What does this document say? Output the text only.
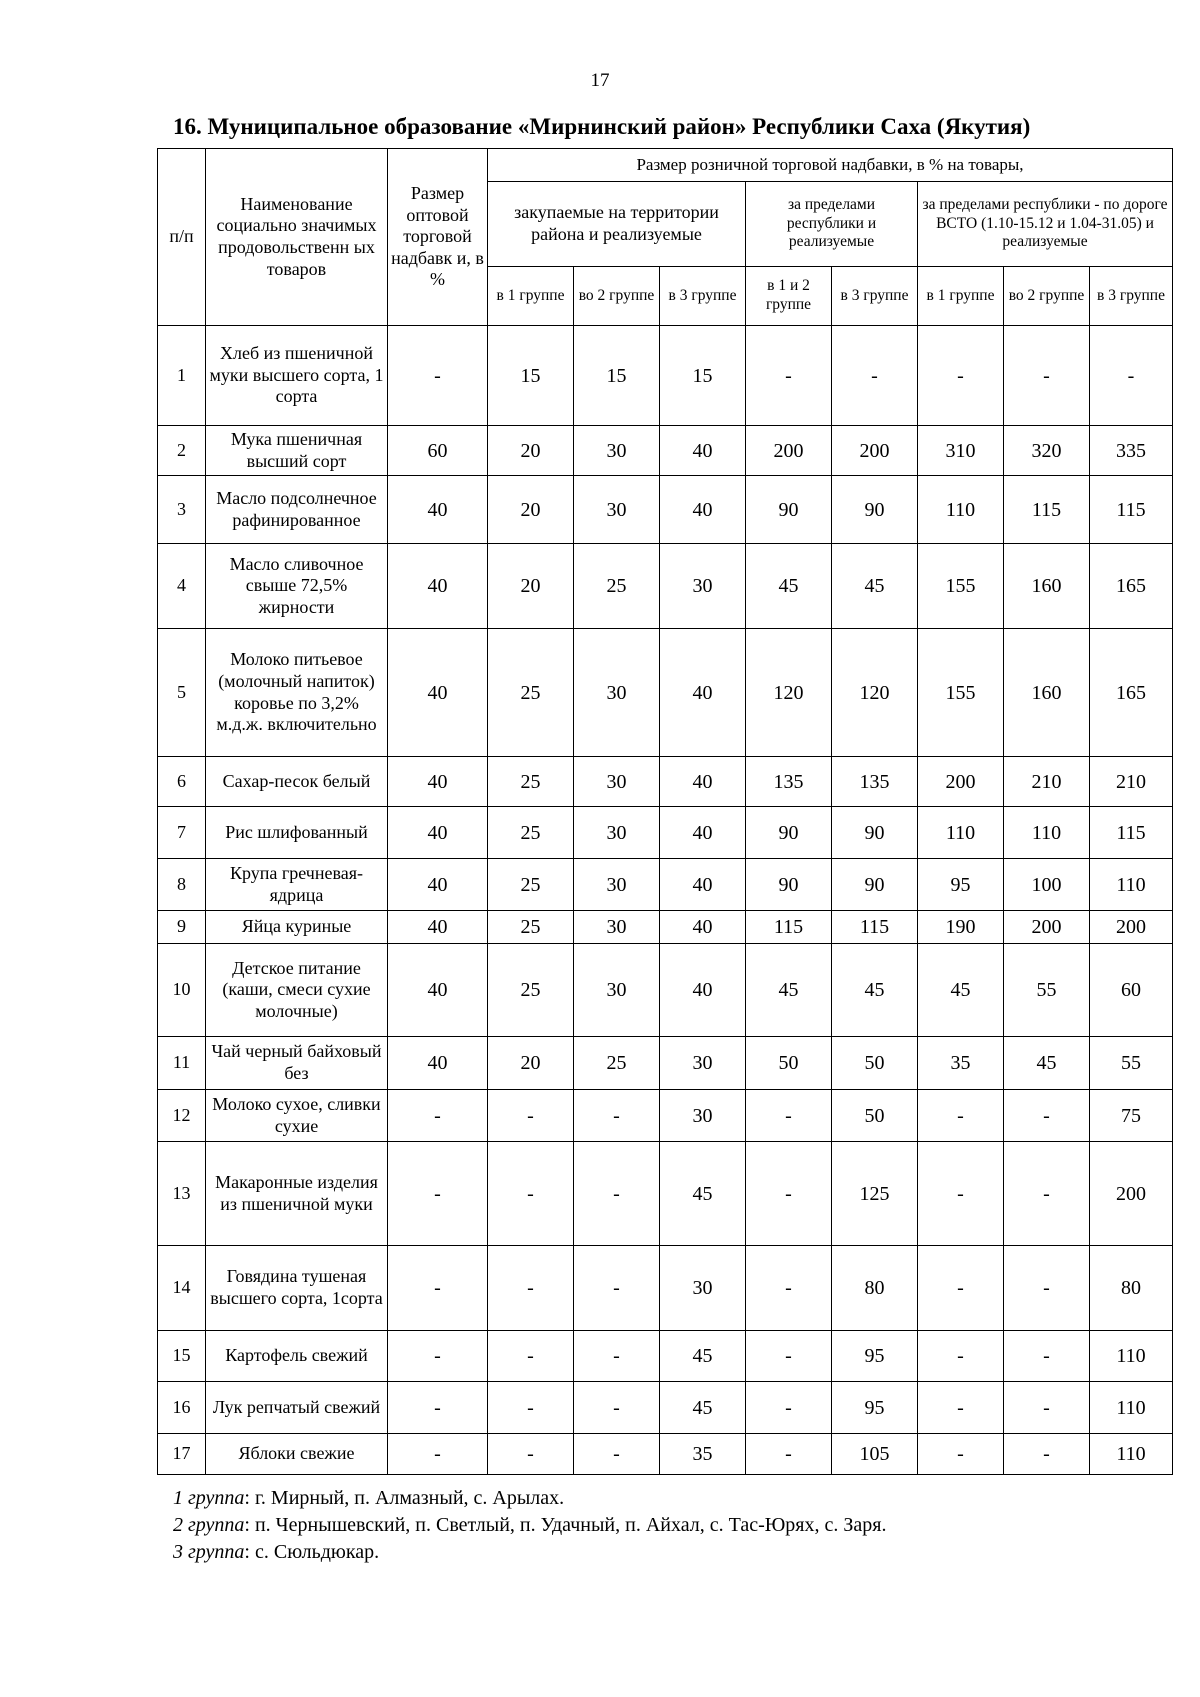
17
16. Муниципальное образование «Мирнинский район» Республики Саха (Якутия)
п/п	Наименование социально значимых продовольственн ых товаров	Размер оптовой торговой надбавк и, в %	Размер розничной торговой надбавки, в % на товары,							
			закупаемые на территории района и реализуемые			за пределами республики и реализуемые		за пределами республики - по дороге ВСТО (1.10-15.12 и 1.04-31.05) и реализуемые		
			в 1 группе	во 2 группе	в 3 группе	в 1 и 2 группе	в 3 группе	в 1 группе	во 2 группе	в 3 группе
1	Хлеб из пшеничной муки высшего сорта, 1 сорта	-	15	15	15	-	-	-	-	-
2	Мука пшеничная высший сорт	60	20	30	40	200	200	310	320	335
3	Масло подсолнечное рафинированное	40	20	30	40	90	90	110	115	115
4	Масло сливочное свыше 72,5% жирности	40	20	25	30	45	45	155	160	165
5	Молоко питьевое (молочный напиток) коровье по 3,2% м.д.ж. включительно	40	25	30	40	120	120	155	160	165
6	Сахар-песок белый	40	25	30	40	135	135	200	210	210
7	Рис шлифованный	40	25	30	40	90	90	110	110	115
8	Крупа гречневая-ядрица	40	25	30	40	90	90	95	100	110
9	Яйца куриные	40	25	30	40	115	115	190	200	200
10	Детское питание (каши, смеси сухие молочные)	40	25	30	40	45	45	45	55	60
11	Чай черный байховый без	40	20	25	30	50	50	35	45	55
12	Молоко сухое, сливки сухие	-	-	-	30	-	50	-	-	75
13	Макаронные изделия из пшеничной муки	-	-	-	45	-	125	-	-	200
14	Говядина тушеная высшего сорта, 1сорта	-	-	-	30	-	80	-	-	80
15	Картофель свежий	-	-	-	45	-	95	-	-	110
16	Лук репчатый свежий	-	-	-	45	-	95	-	-	110
17	Яблоки свежие	-	-	-	35	-	105	-	-	110
1 группа: г. Мирный, п. Алмазный, с. Арылах.
2 группа: п. Чернышевский, п. Светлый, п. Удачный, п. Айхал, с. Тас-Юрях, с. Заря.
3 группа: с. Сюльдюкар.
